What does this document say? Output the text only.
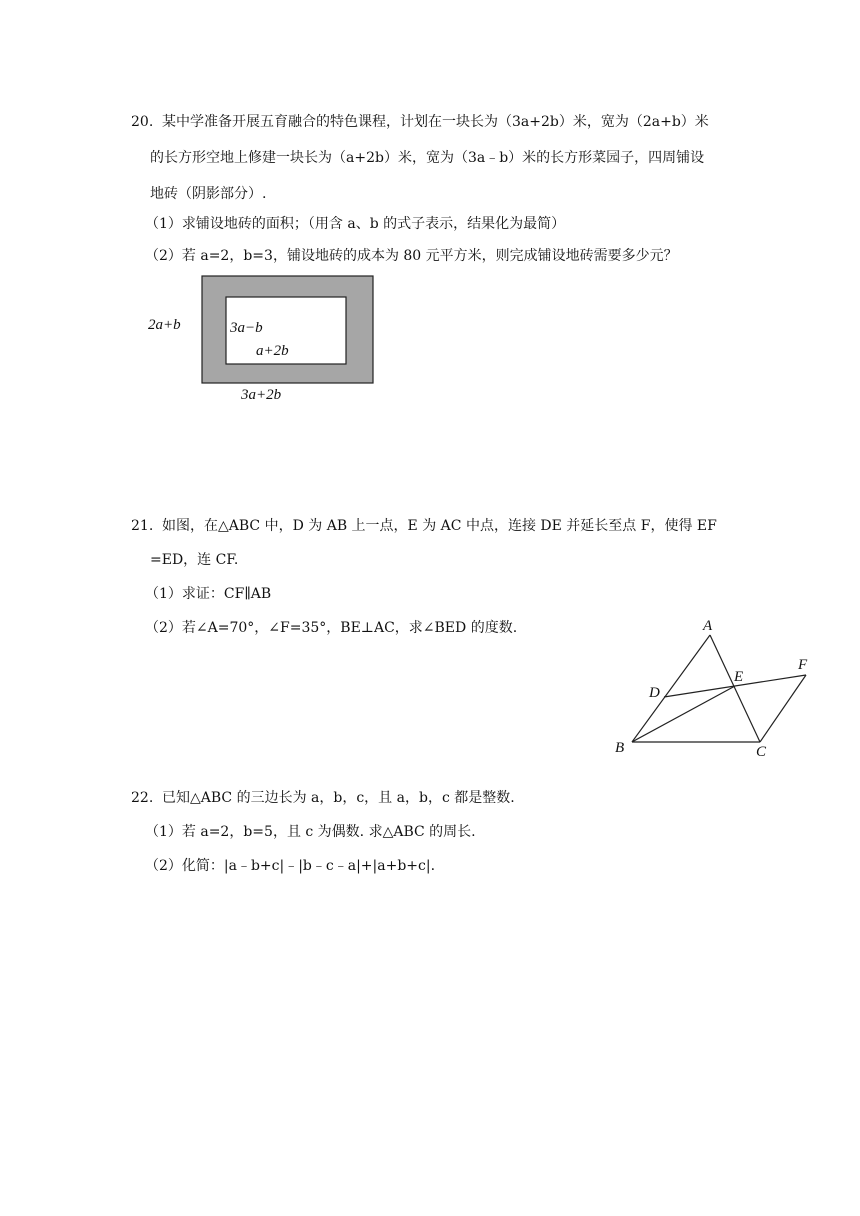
20. 某中学准备开展五育融合的特色课程，计划在一块长为（3a+2b）米，宽为（2a+b）米
的长方形空地上修建一块长为（a+2b）米，宽为（3a﹣b）米的长方形菜园子，四周铺设
地砖（阴影部分）.
（1）求铺设地砖的面积；（用含 a、b 的式子表示，结果化为最简）
（2）若 a=2，b=3，铺设地砖的成本为 80 元平方米，则完成铺设地砖需要多少元？
2a+b	3a−b
a+2b
3a+2b
21. 如图，在△ABC 中，D 为 AB 上一点，E 为 AC 中点，连接 DE 并延长至点 F，使得 EF
=ED，连 CF.
（1）求证：CF∥AB
（2）若∠A=70°，∠F=35°，BE⊥AC，求∠BED 的度数.	A
B	C
D
E
F
22. 已知△ABC 的三边长为 a，b，c，且 a，b，c 都是整数.
（1）若 a=2，b=5，且 c 为偶数. 求△ABC 的周长.
（2）化简：|a﹣b+c|﹣|b﹣c﹣a|+|a+b+c|.
